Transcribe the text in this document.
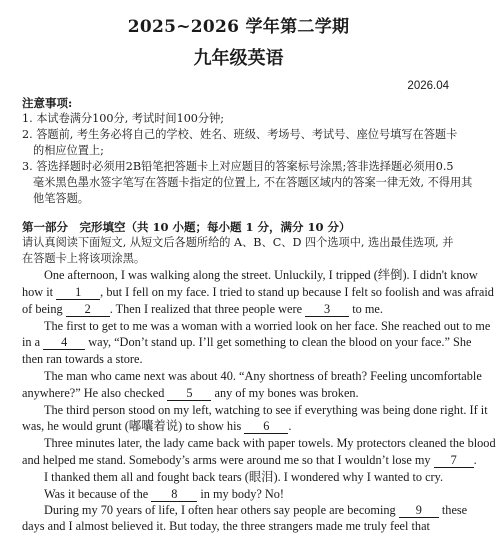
2025~2026 学年第二学期
九年级英语
2026.04
注意事项:
1. 本试卷满分100分, 考试时间100分钟;
2. 答题前, 考生务必将自己的学校、姓名、班级、考场号、考试号、座位号填写在答题卡
的相应位置上;
3. 答选择题时必须用2B铅笔把答题卡上对应题目的答案标号涂黑;答非选择题必须用0.5
毫米黑色墨水签字笔写在答题卡指定的位置上, 不在答题区域内的答案一律无效, 不得用其
他笔答题。
第一部分　完形填空（共 10 小题；每小题 1 分，满分 10 分）
请认真阅读下面短文, 从短文后各题所给的 A、B、C、D 四个选项中, 选出最佳选项, 并
在答题卡上将该项涂黑。
One afternoon, I was walking along the street. Unluckily, I tripped (绊倒). I didn't know
how it 1 , but I fell on my face. I tried to stand up because I felt so foolish and was afraid
of being 2 . Then I realized that three people were 3 to me.
The first to get to me was a woman with a worried look on her face. She reached out to me
in a 4 way, “Don’t stand up. I’ll get something to clean the blood on your face.” She
then ran towards a store.
The man who came next was about 40. “Any shortness of breath? Feeling uncomfortable
anywhere?” He also checked 5 any of my bones was broken.
The third person stood on my left, watching to see if everything was being done right. If it
was, he would grunt (嘟囔着说) to show his 6 .
Three minutes later, the lady came back with paper towels. My protectors cleaned the blood
and helped me stand. Somebody’s arms were around me so that I wouldn’t lose my 7 .
I thanked them all and fought back tears (眼泪). I wondered why I wanted to cry.
Was it because of the 8 in my body? No!
During my 70 years of life, I often hear others say people are becoming 9 these
days and I almost believed it. But today, the three strangers made me truly feel that
